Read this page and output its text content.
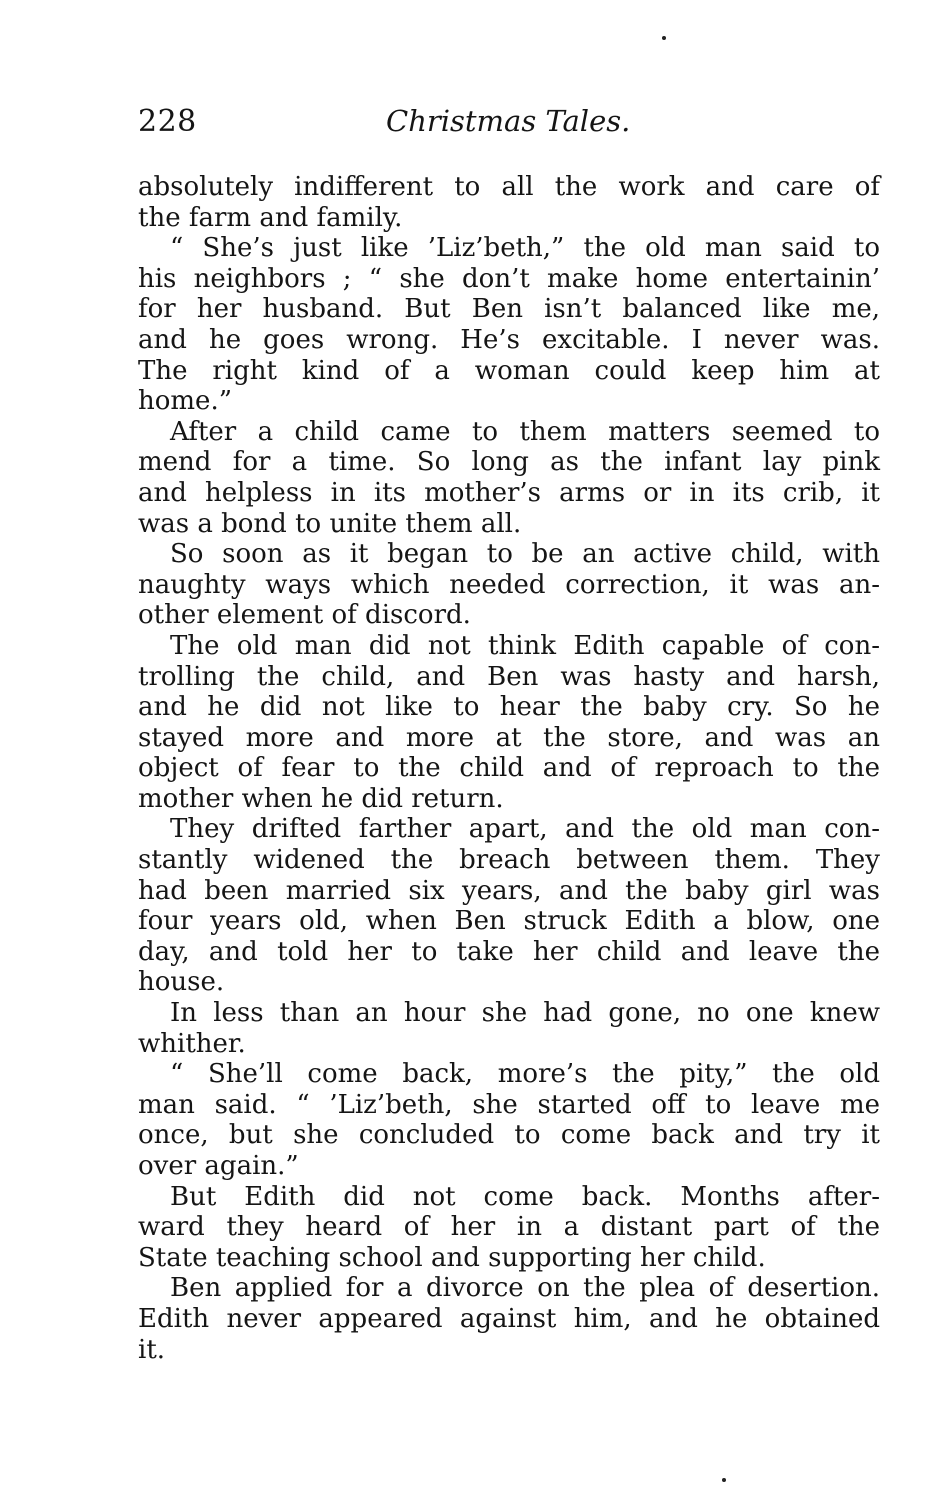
228	Christmas Tales.
absolutely indifferent to all the work and care of
the farm and family.
“ She’s just like ’Liz’beth,” the old man said to
his neighbors ; “ she don’t make home entertainin’
for her husband. But Ben isn’t balanced like me,
and he goes wrong. He’s excitable. I never was.
The right kind of a woman could keep him at
home.”
After a child came to them matters seemed to
mend for a time. So long as the infant lay pink
and helpless in its mother’s arms or in its crib, it
was a bond to unite them all.
So soon as it began to be an active child, with
naughty ways which needed correction, it was an-
other element of discord.
The old man did not think Edith capable of con-
trolling the child, and Ben was hasty and harsh,
and he did not like to hear the baby cry. So he
stayed more and more at the store, and was an
object of fear to the child and of reproach to the
mother when he did return.
They drifted farther apart, and the old man con-
stantly widened the breach between them. They
had been married six years, and the baby girl was
four years old, when Ben struck Edith a blow, one
day, and told her to take her child and leave the
house.
In less than an hour she had gone, no one knew
whither.
“ She’ll come back, more’s the pity,” the old
man said. “ ’Liz’beth, she started off to leave me
once, but she concluded to come back and try it
over again.”
But Edith did not come back. Months after-
ward they heard of her in a distant part of the
State teaching school and supporting her child.
Ben applied for a divorce on the plea of desertion.
Edith never appeared against him, and he obtained
it.
